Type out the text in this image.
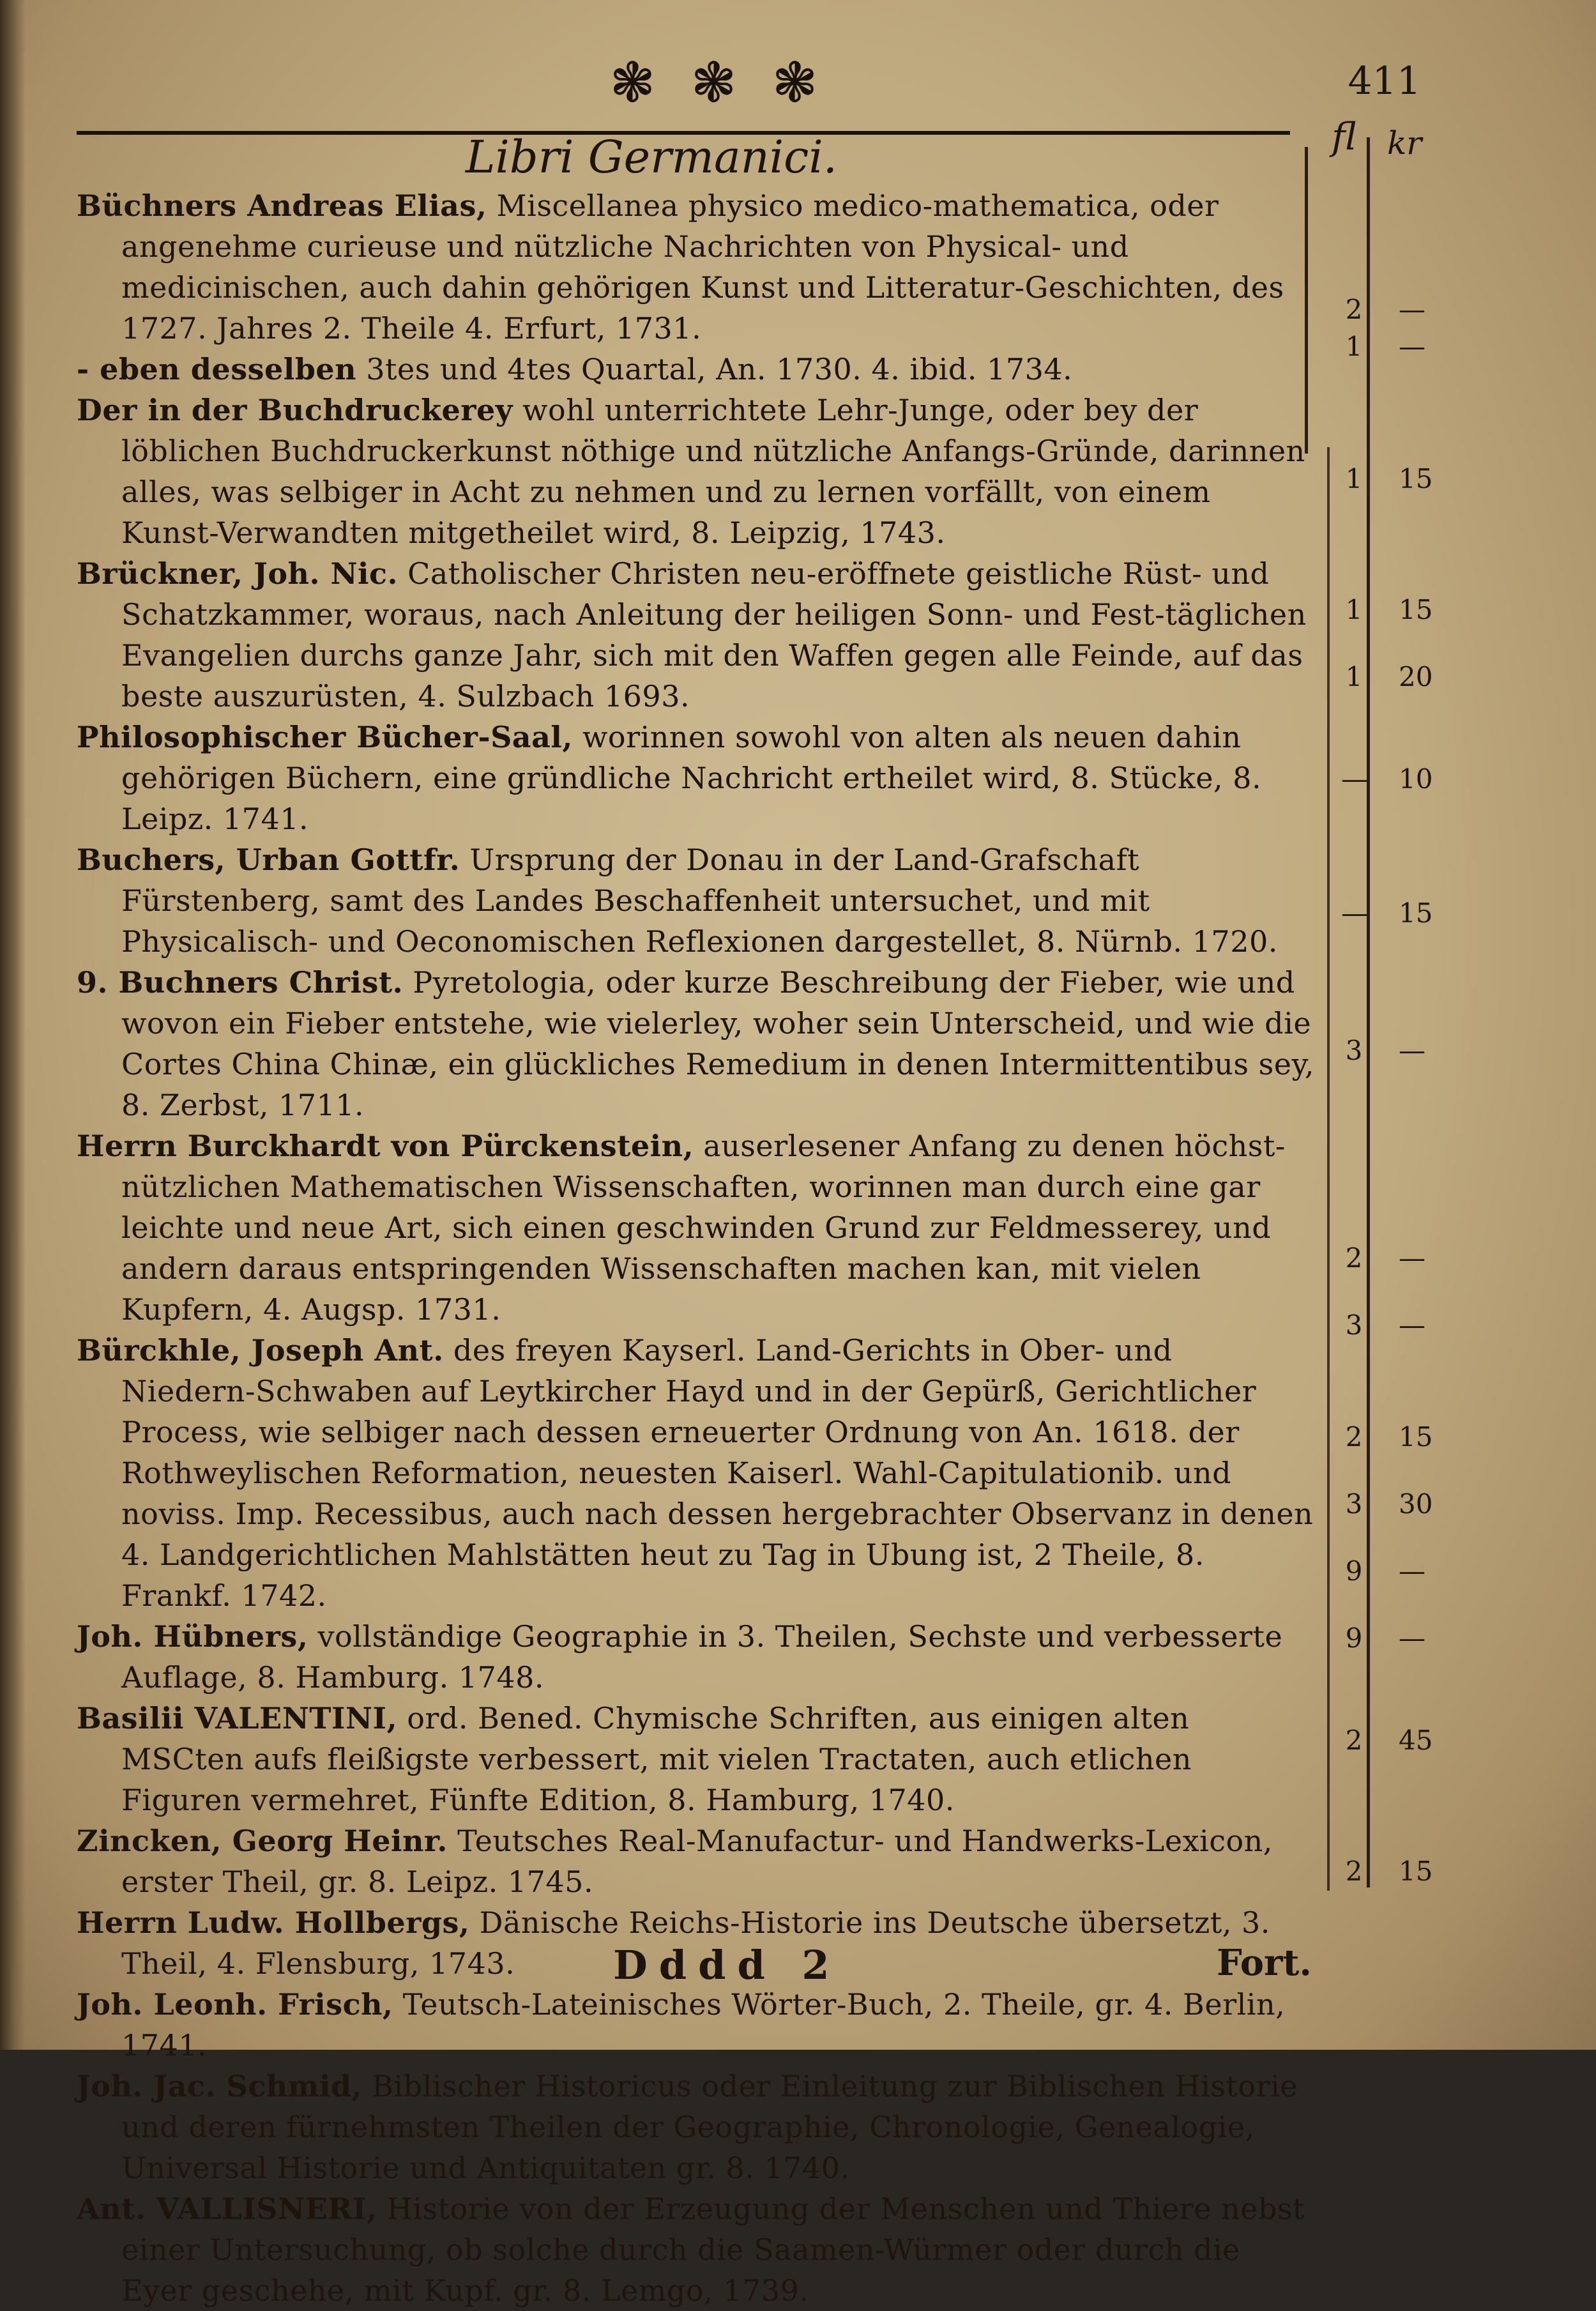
❃❃❃	411
fl kr
Libri Germanici.

Büchners Andreas Elias, Miscellanea physico medico-mathematica, oder angenehme curieuse und nützliche Nachrichten von Physical- und medicinischen, auch dahin gehörigen Kunst und Litteratur-Geschichten, des 1727. Jahres 2. Theile 4. Erfurt, 1731.

- eben desselben 3tes und 4tes Quartal, An. 1730. 4. ibid. 1734.

Der in der Buchdruckerey wohl unterrichtete Lehr-Junge, oder bey der löblichen Buchdruckerkunst nöthige und nützliche Anfangs-Gründe, darinnen alles, was selbiger in Acht zu nehmen und zu lernen vorfällt, von einem Kunst-Verwandten mitgetheilet wird, 8. Leipzig, 1743.

Brückner, Joh. Nic. Catholischer Christen neu-eröffnete geistliche Rüst- und Schatzkammer, woraus, nach Anleitung der heiligen Sonn- und Fest-täglichen Evangelien durchs ganze Jahr, sich mit den Waffen gegen alle Feinde, auf das beste auszurüsten, 4. Sulzbach 1693.

Philosophischer Bücher-Saal, worinnen sowohl von alten als neuen dahin gehörigen Büchern, eine gründliche Nachricht ertheilet wird, 8. Stücke, 8. Leipz. 1741.

Buchers, Urban Gottfr. Ursprung der Donau in der Land-Grafschaft Fürstenberg, samt des Landes Beschaffenheit untersuchet, und mit Physicalisch- und Oeconomischen Reflexionen dargestellet, 8. Nürnb. 1720.

9. Buchners Christ. Pyretologia, oder kurze Beschreibung der Fieber, wie und wovon ein Fieber entstehe, wie vielerley, woher sein Unterscheid, und wie die Cortes China Chinæ, ein glückliches Remedium in denen Intermittentibus sey, 8. Zerbst, 1711.

Herrn Burckhardt von Pürckenstein, auserlesener Anfang zu denen höchst-nützlichen Mathematischen Wissenschaften, worinnen man durch eine gar leichte und neue Art, sich einen geschwinden Grund zur Feldmesserey, und andern daraus entspringenden Wissenschaften machen kan, mit vielen Kupfern, 4. Augsp. 1731.

Bürckhle, Joseph Ant. des freyen Kayserl. Land-Gerichts in Ober- und Niedern-Schwaben auf Leytkircher Hayd und in der Gepürß, Gerichtlicher Process, wie selbiger nach dessen erneuerter Ordnung von An. 1618. der Rothweylischen Reformation, neuesten Kaiserl. Wahl-Capitulationib. und noviss. Imp. Recessibus, auch nach dessen hergebrachter Observanz in denen 4. Landgerichtlichen Mahlstätten heut zu Tag in Ubung ist, 2 Theile, 8. Frankf. 1742.

Joh. Hübners, vollständige Geographie in 3. Theilen, Sechste und verbesserte Auflage, 8. Hamburg. 1748.

Basilii VALENTINI, ord. Bened. Chymische Schriften, aus einigen alten MSCten aufs fleißigste verbessert, mit vielen Tractaten, auch etlichen Figuren vermehret, Fünfte Edition, 8. Hamburg, 1740.

Zincken, Georg Heinr. Teutsches Real-Manufactur- und Handwerks-Lexicon, erster Theil, gr. 8. Leipz. 1745.

Herrn Ludw. Hollbergs, Dänische Reichs-Historie ins Deutsche übersetzt, 3. Theil, 4. Flensburg, 1743.

Joh. Leonh. Frisch, Teutsch-Lateinisches Wörter-Buch, 2. Theile, gr. 4. Berlin, 1741.

Joh. Jac. Schmid, Biblischer Historicus oder Einleitung zur Biblischen Historie und deren fürnehmsten Theilen der Geographie, Chronologie, Genealogie, Universal Historie und Antiquitaten gr. 8. 1740.

Ant. VALLISNERI, Historie von der Erzeugung der Menschen und Thiere nebst einer Untersuchung, ob solche durch die Saamen-Würmer oder durch die Eyer geschehe, mit Kupf. gr. 8. Lemgo, 1739.

2 —
1 —
1 15
1 15
1 20
— 10
— 15
3 —
2 —
3 —
2 15
3 30
9 —
9 —
2 45
2 15
Dddd 2	Fort.
